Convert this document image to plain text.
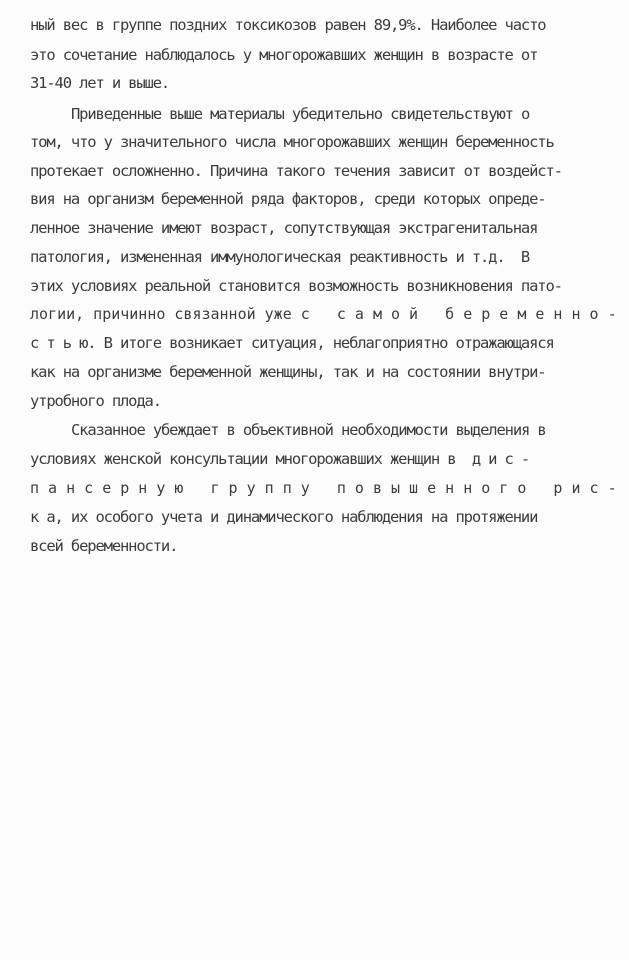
ный вес в группе поздних токсикозов равен 89,9%. Наиболее часто
это сочетание наблюдалось у многорожавших женщин в возрасте от
31-40 лет и выше.
Приведенные выше материалы убедительно свидетельствуют о
том, что у значительного числа многорожавших женщин беременность
протекает осложненно. Причина такого течения зависит от воздейст-
вия на организм беременной ряда факторов, среди которых опреде-
ленное значение имеют возраст, сопутствующая экстрагенитальная
патология, измененная иммунологическая реактивность и т.д.  В
этих условиях реальной становится возможность возникновения пато-
логии, причинно связанной уже с   с а м о й   б е р е м е н н о -
с т ь ю. В итоге возникает ситуация, неблагоприятно отражающаяся
как на организме беременной женщины, так и на состоянии внутри-
утробного плода.
Сказанное убеждает в объективной необходимости выделения в
условиях женской консультации многорожавших женщин в  д и с -
п а н с е р н у ю   г р у п п у   п о в ы ш е н н о г о   р и с -
к а, их особого учета и динамического наблюдения на протяжении
всей беременности.
